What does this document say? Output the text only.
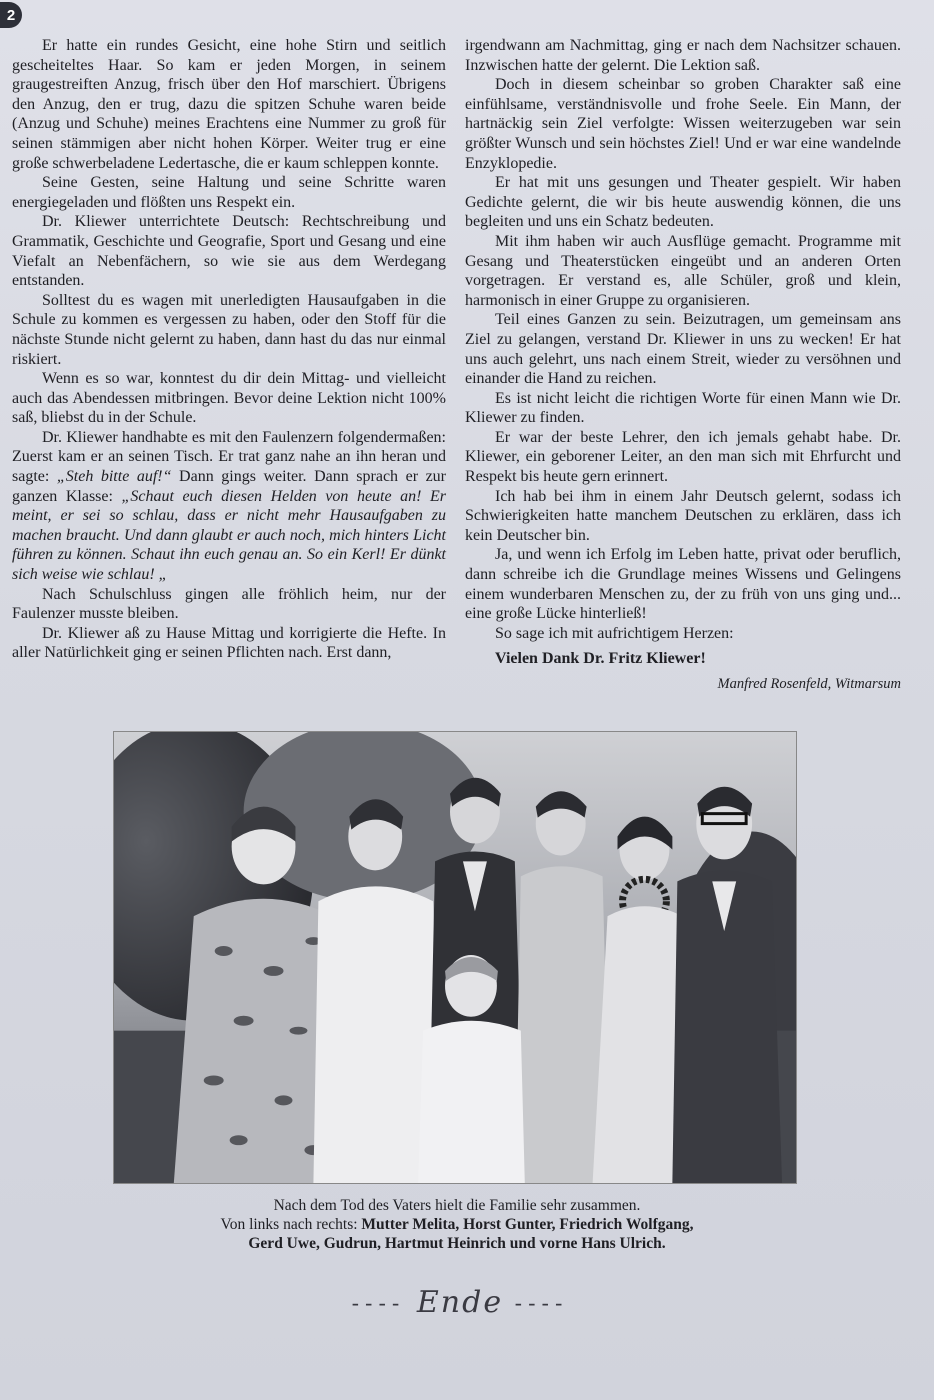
2

Er hatte ein rundes Gesicht, eine hohe Stirn und seitlich gescheiteltes Haar. So kam er jeden Morgen, in seinem graugestreiften Anzug, frisch über den Hof marschiert. Übrigens den Anzug, den er trug, dazu die spitzen Schuhe waren beide (Anzug und Schuhe) meines Erachtens eine Nummer zu groß für seinen stämmigen aber nicht hohen Körper. Weiter trug er eine große schwerbeladene Ledertasche, die er kaum schleppen konnte.

Seine Gesten, seine Haltung und seine Schritte waren energiegeladen und flößten uns Respekt ein.

Dr. Kliewer unterrichtete Deutsch: Rechtschreibung und Grammatik, Geschichte und Geografie, Sport und Gesang und eine Viefalt an Nebenfächern, so wie sie aus dem Werdegang entstanden.

Solltest du es wagen mit unerledigten Hausaufgaben in die Schule zu kommen es vergessen zu haben, oder den Stoff für die nächste Stunde nicht gelernt zu haben, dann hast du das nur einmal riskiert.

Wenn es so war, konntest du dir dein Mittag- und vielleicht auch das Abendessen mitbringen. Bevor deine Lektion nicht 100% saß, bliebst du in der Schule.

Dr. Kliewer handhabte es mit den Faulenzern folgendermaßen: Zuerst kam er an seinen Tisch. Er trat ganz nahe an ihn heran und sagte: „Steh bitte auf!“ Dann gings weiter. Dann sprach er zur ganzen Klasse: „Schaut euch diesen Helden von heute an! Er meint, er sei so schlau, dass er nicht mehr Hausaufgaben zu machen braucht. Und dann glaubt er auch noch, mich hinters Licht führen zu können. Schaut ihn euch genau an. So ein Kerl! Er dünkt sich weise wie schlau! „

Nach Schulschluss gingen alle fröhlich heim, nur der Faulenzer musste bleiben.

Dr. Kliewer aß zu Hause Mittag und korrigierte die Hefte. In aller Natürlichkeit ging er seinen Pflichten nach. Erst dann,

irgendwann am Nachmittag, ging er nach dem Nachsitzer schauen. Inzwischen hatte der gelernt. Die Lektion saß.

Doch in diesem scheinbar so groben Charakter saß eine einfühlsame, verständnisvolle und frohe Seele. Ein Mann, der hartnäckig sein Ziel verfolgte: Wissen weiterzugeben war sein größter Wunsch und sein höchstes Ziel! Und er war eine wandelnde Enzyklopedie.

Er hat mit uns gesungen und Theater gespielt. Wir haben Gedichte gelernt, die wir bis heute auswendig können, die uns begleiten und uns ein Schatz bedeuten.

Mit ihm haben wir auch Ausflüge gemacht. Programme mit Gesang und Theaterstücken eingeübt und an anderen Orten vorgetragen. Er verstand es, alle Schüler, groß und klein, harmonisch in einer Gruppe zu organisieren.

Teil eines Ganzen zu sein. Beizutragen, um gemeinsam ans Ziel zu gelangen, verstand Dr. Kliewer in uns zu wecken! Er hat uns auch gelehrt, uns nach einem Streit, wieder zu versöhnen und einander die Hand zu reichen.

Es ist nicht leicht die richtigen Worte für einen Mann wie Dr. Kliewer zu finden.

Er war der beste Lehrer, den ich jemals gehabt habe. Dr. Kliewer, ein geborener Leiter, an den man sich mit Ehrfurcht und Respekt bis heute gern erinnert.

Ich hab bei ihm in einem Jahr Deutsch gelernt, sodass ich Schwierigkeiten hatte manchem Deutschen zu erklären, dass ich kein Deutscher bin.

Ja, und wenn ich Erfolg im Leben hatte, privat oder beruflich, dann schreibe ich die Grundlage meines Wissens und Gelingens einem wunderbaren Menschen zu, der zu früh von uns ging und... eine große Lücke hinterließ!

So sage ich mit aufrichtigem Herzen:

Vielen Dank Dr. Fritz Kliewer!

Manfred Rosenfeld, Witmarsum

Nach dem Tod des Vaters hielt die Familie sehr zusammen.
Von links nach rechts: Mutter Melita, Horst Gunter, Friedrich Wolfgang,
Gerd Uwe, Gudrun, Hartmut Heinrich und vorne Hans Ulrich.
---- Ende ----
